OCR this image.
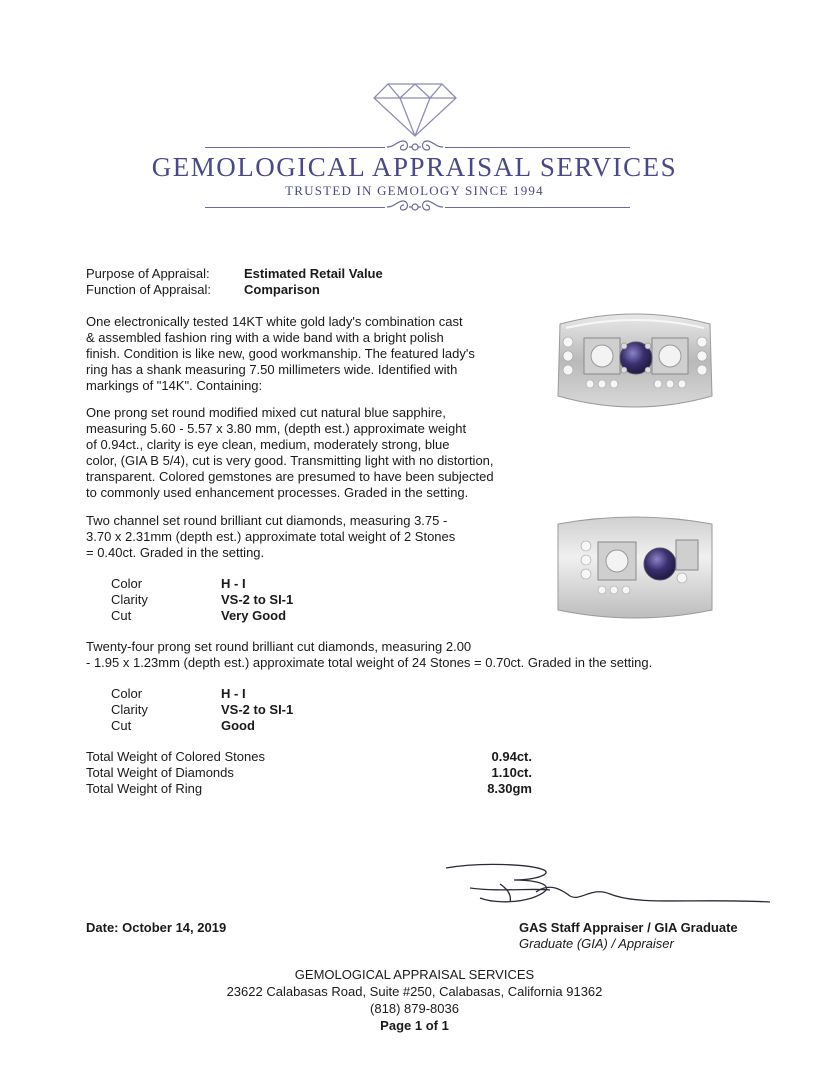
GEMOLOGICAL APPRAISAL SERVICES
TRUSTED IN GEMOLOGY SINCE 1994
Purpose of Appraisal:	Estimated Retail Value
Function of Appraisal:	Comparison
One electronically tested 14KT white gold lady's combination cast
& assembled fashion ring with a wide band with a bright polish
finish. Condition is like new, good workmanship. The featured lady's
ring has a shank measuring 7.50 millimeters wide. Identified with
markings of "14K". Containing:
One prong set round modified mixed cut natural blue sapphire,
measuring 5.60 - 5.57 x 3.80 mm, (depth est.) approximate weight
of 0.94ct., clarity is eye clean, medium, moderately strong, blue
color, (GIA B 5/4), cut is very good. Transmitting light with no distortion,
transparent. Colored gemstones are presumed to have been subjected
to commonly used enhancement processes. Graded in the setting.
Two channel set round brilliant cut diamonds, measuring 3.75 -
3.70 x 2.31mm (depth est.) approximate total weight of 2 Stones
= 0.40ct. Graded in the setting.
Color	H - I
Clarity	VS-2 to SI-1
Cut	Very Good
Twenty-four prong set round brilliant cut diamonds, measuring 2.00
- 1.95 x 1.23mm (depth est.) approximate total weight of 24 Stones = 0.70ct. Graded in the setting.
Color	H - I
Clarity	VS-2 to SI-1
Cut	Good
Total Weight of Colored Stones	0.94ct.
Total Weight of Diamonds	1.10ct.
Total Weight of Ring	8.30gm
Date: October 14, 2019	GAS Staff Appraiser / GIA Graduate
Graduate (GIA) / Appraiser
GEMOLOGICAL APPRAISAL SERVICES
23622 Calabasas Road, Suite #250, Calabasas, California 91362
(818) 879-8036
Page 1 of 1
